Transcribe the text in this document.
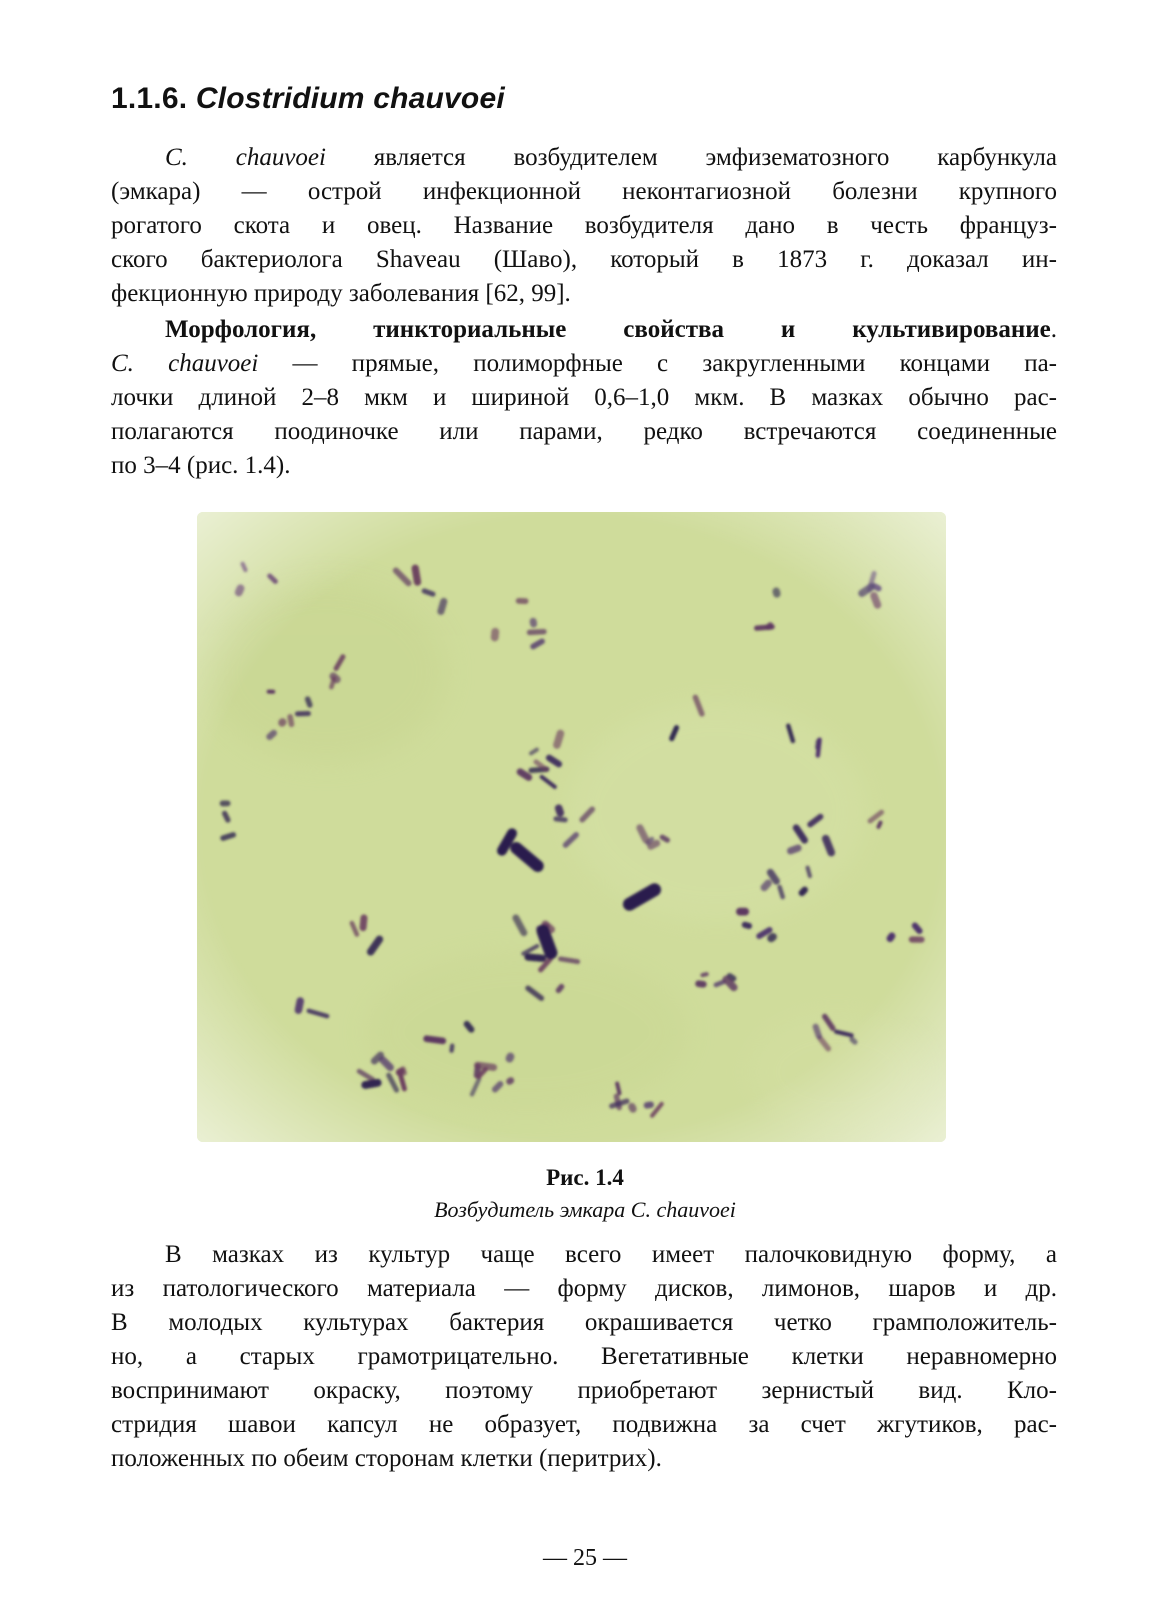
1.1.6. Clostridium chauvoei
C. chauvoei является возбудителем эмфизематозного карбункула
(эмкара) — острой инфекционной неконтагиозной болезни крупного
рогатого скота и овец. Название возбудителя дано в честь француз-
ского бактериолога Shaveau (Шаво), который в 1873 г. доказал ин-
фекционную природу заболевания [62, 99].
Морфология, тинкториальные свойства и культивирование.
C. chauvoei — прямые, полиморфные с закругленными концами па-
лочки длиной 2–8 мкм и шириной 0,6–1,0 мкм. В мазках обычно рас-
полагаются поодиночке или парами, редко встречаются соединенные
по 3–4 (рис. 1.4).
Рис. 1.4
Возбудитель эмкара C. chauvoei
В мазках из культур чаще всего имеет палочковидную форму, а
из патологического материала — форму дисков, лимонов, шаров и др.
В молодых культурах бактерия окрашивается четко грамположитель-
но, а старых грамотрицательно. Вегетативные клетки неравномерно
воспринимают окраску, поэтому приобретают зернистый вид. Кло-
стридия шавои капсул не образует, подвижна за счет жгутиков, рас-
положенных по обеим сторонам клетки (перитрих).
— 25 —
